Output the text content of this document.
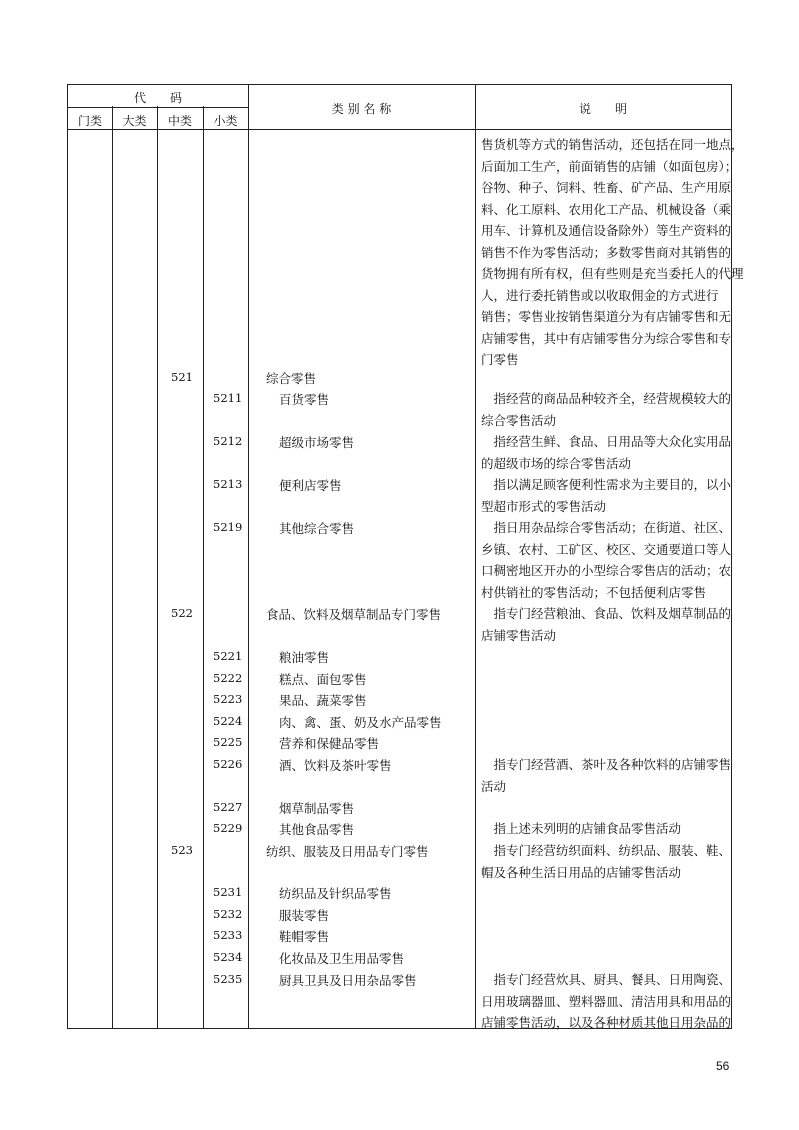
代　　码
门类	大类	中类	小类
类 别 名 称	说　　明
售货机等方式的销售活动，还包括在同一地点，
后面加工生产，前面销售的店铺（如面包房）；
谷物、种子、饲料、牲畜、矿产品、生产用原
料、化工原料、农用化工产品、机械设备（乘
用车、计算机及通信设备除外）等生产资料的
销售不作为零售活动；多数零售商对其销售的
货物拥有所有权，但有些则是充当委托人的代理
人，进行委托销售或以收取佣金的方式进行
销售；零售业按销售渠道分为有店铺零售和无
店铺零售，其中有店铺零售分为综合零售和专
门零售
521	综合零售
5211	百货零售	　指经营的商品品种较齐全，经营规模较大的
综合零售活动
5212	超级市场零售	　指经营生鲜、食品、日用品等大众化实用品
的超级市场的综合零售活动
5213	便利店零售	　指以满足顾客便利性需求为主要目的，以小
型超市形式的零售活动
5219	其他综合零售	　指日用杂品综合零售活动；在街道、社区、
乡镇、农村、工矿区、校区、交通要道口等人
口稠密地区开办的小型综合零售店的活动；农
村供销社的零售活动；不包括便利店零售
522	食品、饮料及烟草制品专门零售	　指专门经营粮油、食品、饮料及烟草制品的
店铺零售活动
5221	粮油零售
5222	糕点、面包零售
5223	果品、蔬菜零售
5224	肉、禽、蛋、奶及水产品零售
5225	营养和保健品零售
5226	酒、饮料及茶叶零售	　指专门经营酒、茶叶及各种饮料的店铺零售
活动
5227	烟草制品零售
5229	其他食品零售	　指上述未列明的店铺食品零售活动
523	纺织、服装及日用品专门零售	　指专门经营纺织面料、纺织品、服装、鞋、
帽及各种生活日用品的店铺零售活动
5231	纺织品及针织品零售
5232	服装零售
5233	鞋帽零售
5234	化妆品及卫生用品零售
5235	厨具卫具及日用杂品零售	　指专门经营炊具、厨具、餐具、日用陶瓷、
日用玻璃器皿、塑料器皿、清洁用具和用品的
店铺零售活动，以及各种材质其他日用杂品的
56
